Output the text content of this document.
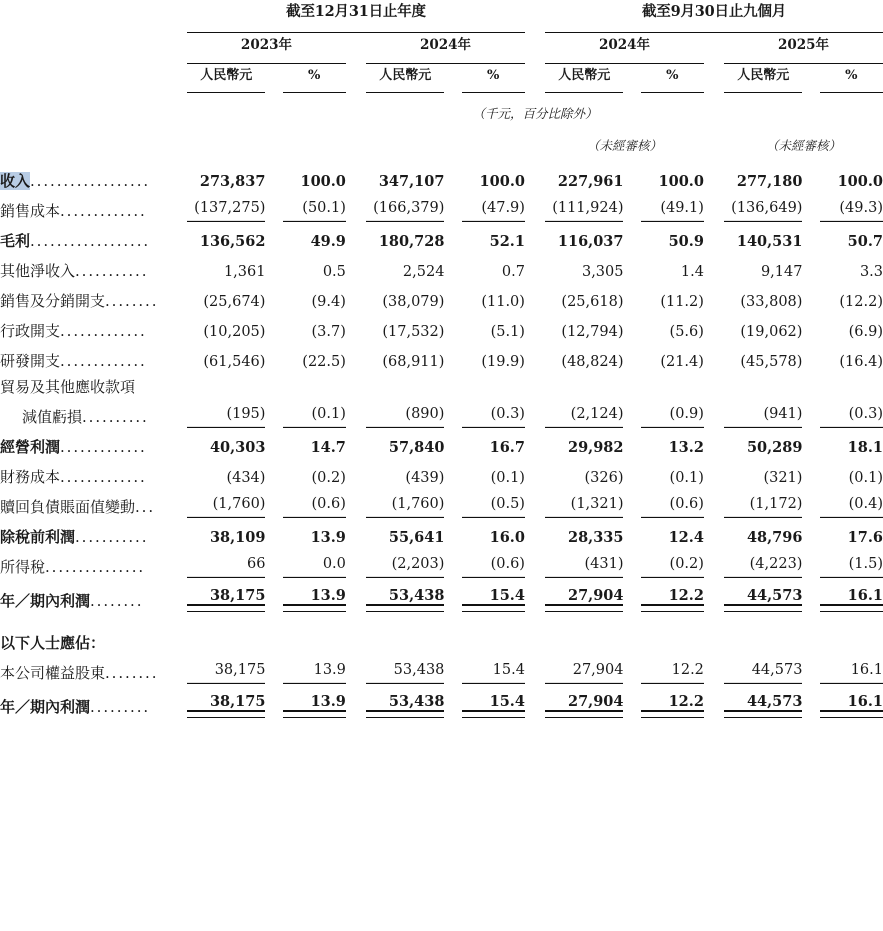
	截至12月31日止年度								截至9月30日止九個月						

	2023年				2024年				2024年				2025年		

	人民幣元		%		人民幣元		%		人民幣元		%		人民幣元		%

	（千元，百分比除外）														
									（未經審核）				（未經審核）		
收入..................	273,837		100.0		347,107		100.0		227,961		100.0		277,180		100.0
銷售成本.............	(137,275)		(50.1)		(166,379)		(47.9)		(111,924)		(49.1)		(136,649)		(49.3)
毛利..................	136,562		49.9		180,728		52.1		116,037		50.9		140,531		50.7
其他淨收入...........	1,361		0.5		2,524		0.7		3,305		1.4		9,147		3.3
銷售及分銷開支........	(25,674)		(9.4)		(38,079)		(11.0)		(25,618)		(11.2)		(33,808)		(12.2)
行政開支.............	(10,205)		(3.7)		(17,532)		(5.1)		(12,794)		(5.6)		(19,062)		(6.9)
研發開支.............	(61,546)		(22.5)		(68,911)		(19.9)		(48,824)		(21.4)		(45,578)		(16.4)
貿易及其他應收款項															
減值虧損..........	(195)		(0.1)		(890)		(0.3)		(2,124)		(0.9)		(941)		(0.3)
經營利潤.............	40,303		14.7		57,840		16.7		29,982		13.2		50,289		18.1
財務成本.............	(434)		(0.2)		(439)		(0.1)		(326)		(0.1)		(321)		(0.1)
贖回負債賬面值變動...	(1,760)		(0.6)		(1,760)		(0.5)		(1,321)		(0.6)		(1,172)		(0.4)
除稅前利潤...........	38,109		13.9		55,641		16.0		28,335		12.4		48,796		17.6
所得稅...............	66		0.0		(2,203)		(0.6)		(431)		(0.2)		(4,223)		(1.5)
年／期內利潤........	38,175		13.9		53,438		15.4		27,904		12.2		44,573		16.1
以下人士應佔：															
本公司權益股東........	38,175		13.9		53,438		15.4		27,904		12.2		44,573		16.1
年／期內利潤.........	38,175		13.9		53,438		15.4		27,904		12.2		44,573		16.1
